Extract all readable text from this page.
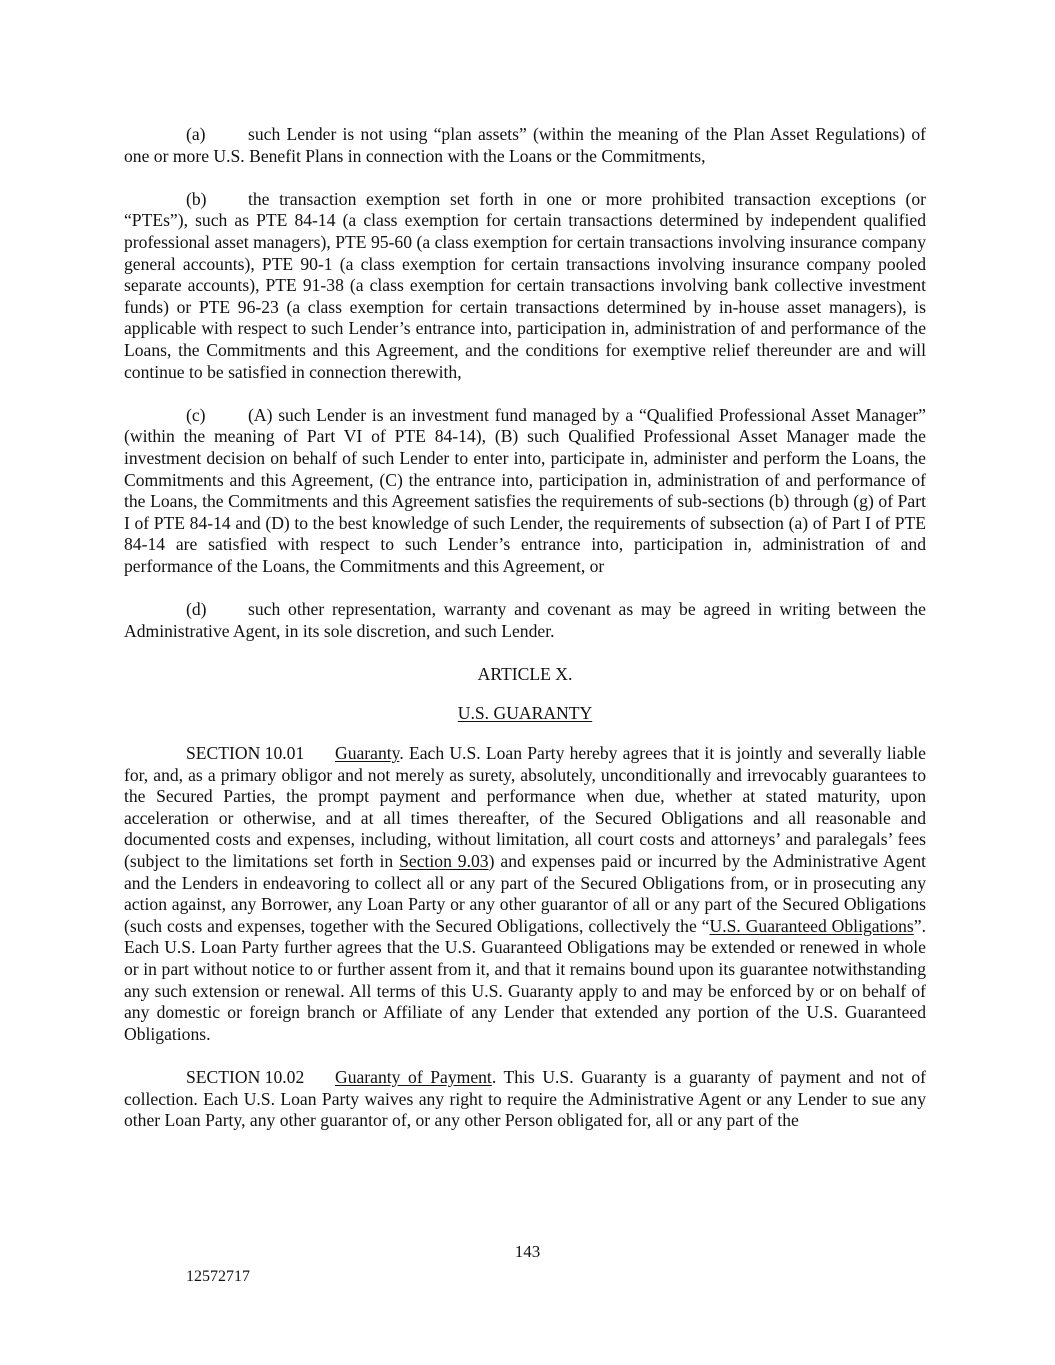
(a) such Lender is not using “plan assets” (within the meaning of the Plan Asset Regulations) of one or more U.S. Benefit Plans in connection with the Loans or the Commitments,

(b) the transaction exemption set forth in one or more prohibited transaction exceptions (or “PTEs”), such as PTE 84-14 (a class exemption for certain transactions determined by independent qualified professional asset managers), PTE 95-60 (a class exemption for certain transactions involving insurance company general accounts), PTE 90-1 (a class exemption for certain transactions involving insurance company pooled separate accounts), PTE 91-38 (a class exemption for certain transactions involving bank collective investment funds) or PTE 96-23 (a class exemption for certain transactions determined by in-house asset managers), is applicable with respect to such Lender’s entrance into, participation in, administration of and performance of the Loans, the Commitments and this Agreement, and the conditions for exemptive relief thereunder are and will continue to be satisfied in connection therewith,

(c) (A) such Lender is an investment fund managed by a “Qualified Professional Asset Manager” (within the meaning of Part VI of PTE 84-14), (B) such Qualified Professional Asset Manager made the investment decision on behalf of such Lender to enter into, participate in, administer and perform the Loans, the Commitments and this Agreement, (C) the entrance into, participation in, administration of and performance of the Loans, the Commitments and this Agreement satisfies the requirements of sub-sections (b) through (g) of Part I of PTE 84-14 and (D) to the best knowledge of such Lender, the requirements of subsection (a) of Part I of PTE 84-14 are satisfied with respect to such Lender’s entrance into, participation in, administration of and performance of the Loans, the Commitments and this Agreement, or

(d) such other representation, warranty and covenant as may be agreed in writing between the Administrative Agent, in its sole discretion, and such Lender.

ARTICLE X.

U.S. GUARANTY

SECTION 10.01 Guaranty. Each U.S. Loan Party hereby agrees that it is jointly and severally liable for, and, as a primary obligor and not merely as surety, absolutely, unconditionally and irrevocably guarantees to the Secured Parties, the prompt payment and performance when due, whether at stated maturity, upon acceleration or otherwise, and at all times thereafter, of the Secured Obligations and all reasonable and documented costs and expenses, including, without limitation, all court costs and attorneys’ and paralegals’ fees (subject to the limitations set forth in Section 9.03) and expenses paid or incurred by the Administrative Agent and the Lenders in endeavoring to collect all or any part of the Secured Obligations from, or in prosecuting any action against, any Borrower, any Loan Party or any other guarantor of all or any part of the Secured Obligations (such costs and expenses, together with the Secured Obligations, collectively the “U.S. Guaranteed Obligations”. Each U.S. Loan Party further agrees that the U.S. Guaranteed Obligations may be extended or renewed in whole or in part without notice to or further assent from it, and that it remains bound upon its guarantee notwithstanding any such extension or renewal. All terms of this U.S. Guaranty apply to and may be enforced by or on behalf of any domestic or foreign branch or Affiliate of any Lender that extended any portion of the U.S. Guaranteed Obligations.

SECTION 10.02 Guaranty of Payment. This U.S. Guaranty is a guaranty of payment and not of collection. Each U.S. Loan Party waives any right to require the Administrative Agent or any Lender to sue any other Loan Party, any other guarantor of, or any other Person obligated for, all or any part of the

143
12572717
